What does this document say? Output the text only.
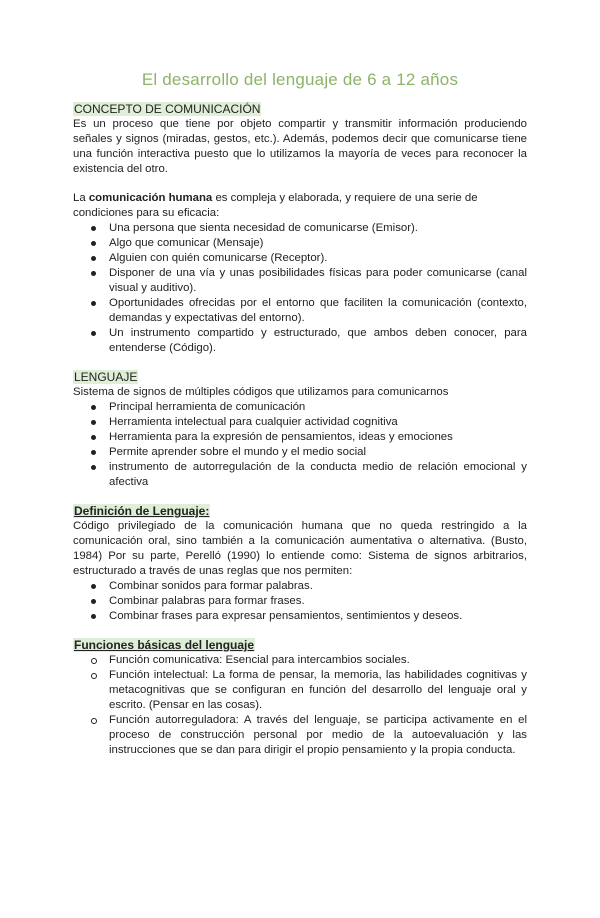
El desarrollo del lenguaje de 6 a 12 años
CONCEPTO DE COMUNICACIÓN

Es un proceso que tiene por objeto compartir y transmitir información produciendo señales y signos (miradas, gestos, etc.). Además, podemos decir que comunicarse tiene una función interactiva puesto que lo utilizamos la mayoría de veces para reconocer la existencia del otro.

La comunicación humana es compleja y elaborada, y requiere de una serie de condiciones para su eficacia:

Una persona que sienta necesidad de comunicarse (Emisor).
Algo que comunicar (Mensaje)
Alguien con quién comunicarse (Receptor).
Disponer de una vía y unas posibilidades físicas para poder comunicarse (canal visual y auditivo).
Oportunidades ofrecidas por el entorno que faciliten la comunicación (contexto, demandas y expectativas del entorno).
Un instrumento compartido y estructurado, que ambos deben conocer, para entenderse (Código).
LENGUAJE

Sistema de signos de múltiples códigos que utilizamos para comunicarnos

Principal herramienta de comunicación
Herramienta intelectual para cualquier actividad cognitiva
Herramienta para la expresión de pensamientos, ideas y emociones
Permite aprender sobre el mundo y el medio social
instrumento de autorregulación de la conducta medio de relación emocional y afectiva
Definición de Lenguaje:

Código privilegiado de la comunicación humana que no queda restringido a la comunicación oral, sino también a la comunicación aumentativa o alternativa. (Busto, 1984) Por su parte, Perelló (1990) lo entiende como: Sistema de signos arbitrarios, estructurado a través de unas reglas que nos permiten:

Combinar sonidos para formar palabras.
Combinar palabras para formar frases.
Combinar frases para expresar pensamientos, sentimientos y deseos.
Funciones básicas del lenguaje
Función comunicativa: Esencial para intercambios sociales.
Función intelectual: La forma de pensar, la memoria, las habilidades cognitivas y metacognitivas que se configuran en función del desarrollo del lenguaje oral y escrito. (Pensar en las cosas).
Función autorreguladora: A través del lenguaje, se participa activamente en el proceso de construcción personal por medio de la autoevaluación y las instrucciones que se dan para dirigir el propio pensamiento y la propia conducta.
